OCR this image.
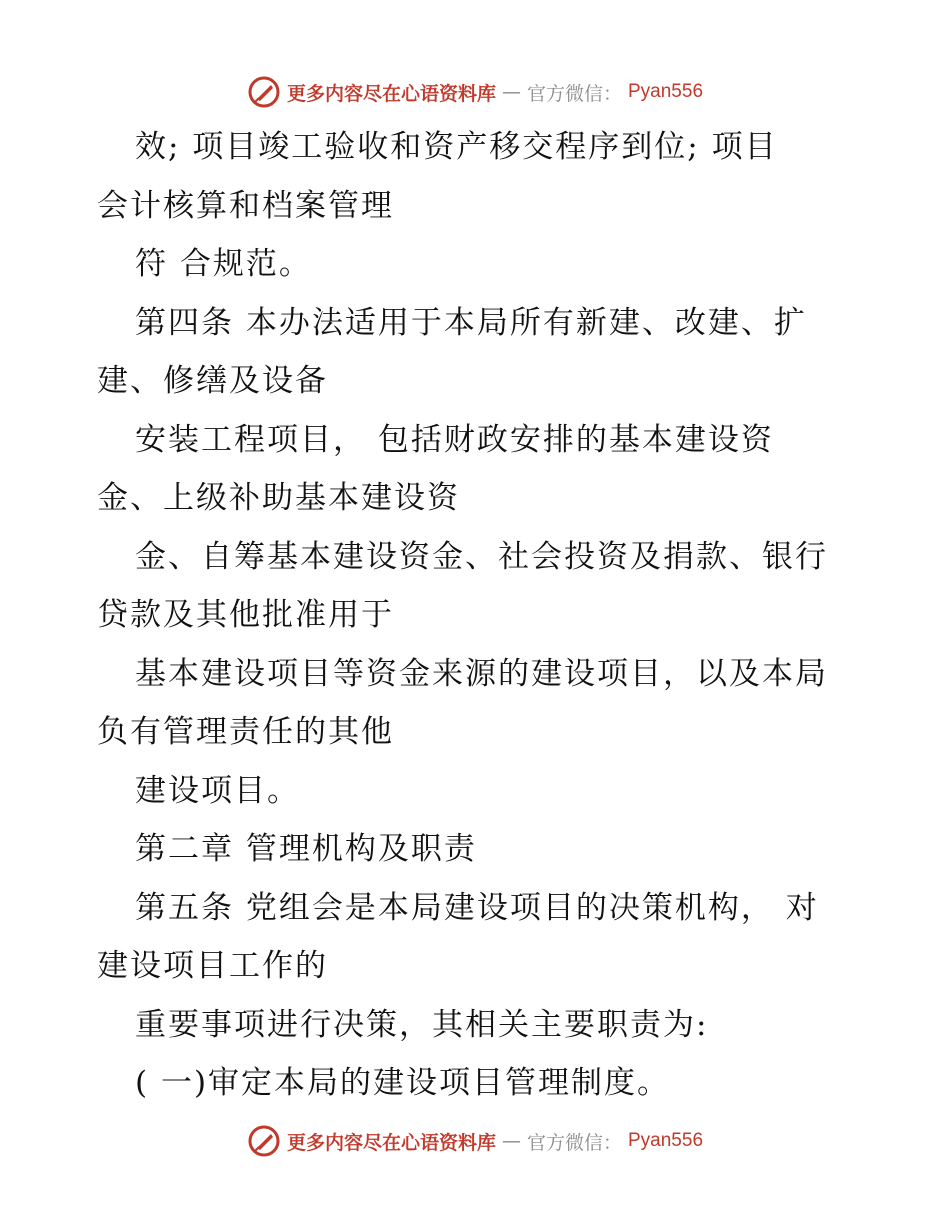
更多内容尽在心语资料库 — 官方微信： Pyan556
效; 项目竣工验收和资产移交程序到位; 项目
会计核算和档案管理
符 合规范。
第四条 本办法适用于本局所有新建、改建、扩
建、修缮及设备
安装工程项目， 包括财政安排的基本建设资
金、上级补助基本建设资
金、自筹基本建设资金、社会投资及捐款、银行
贷款及其他批准用于
基本建设项目等资金来源的建设项目，以及本局
负有管理责任的其他
建设项目。
第二章 管理机构及职责
第五条 党组会是本局建设项目的决策机构， 对
建设项目工作的
重要事项进行决策，其相关主要职责为:
( 一)审定本局的建设项目管理制度。
更多内容尽在心语资料库 — 官方微信： Pyan556
